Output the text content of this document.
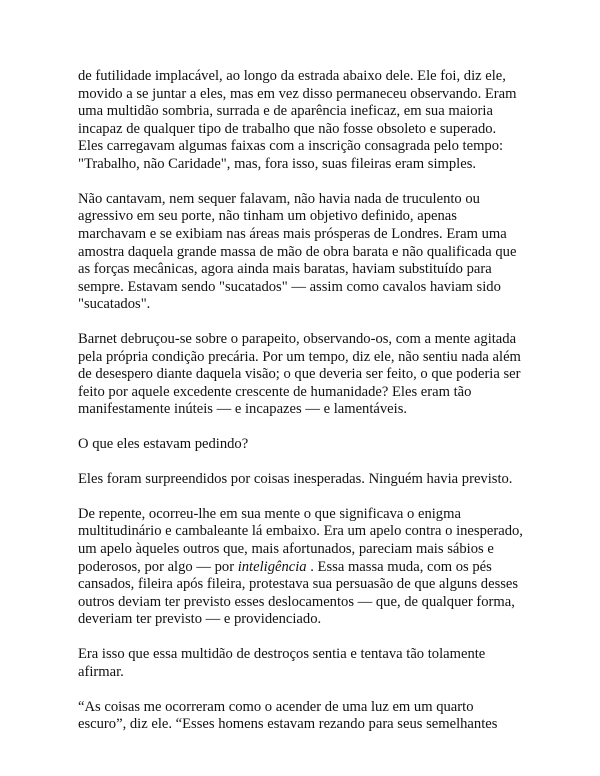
de futilidade implacável, ao longo da estrada abaixo dele. Ele foi, diz ele,
movido a se juntar a eles, mas em vez disso permaneceu observando. Eram
uma multidão sombria, surrada e de aparência ineficaz, em sua maioria
incapaz de qualquer tipo de trabalho que não fosse obsoleto e superado.
Eles carregavam algumas faixas com a inscrição consagrada pelo tempo:
"Trabalho, não Caridade", mas, fora isso, suas fileiras eram simples.

Não cantavam, nem sequer falavam, não havia nada de truculento ou
agressivo em seu porte, não tinham um objetivo definido, apenas
marchavam e se exibiam nas áreas mais prósperas de Londres. Eram uma
amostra daquela grande massa de mão de obra barata e não qualificada que
as forças mecânicas, agora ainda mais baratas, haviam substituído para
sempre. Estavam sendo "sucatados" — assim como cavalos haviam sido
"sucatados".

Barnet debruçou-se sobre o parapeito, observando-os, com a mente agitada
pela própria condição precária. Por um tempo, diz ele, não sentiu nada além
de desespero diante daquela visão; o que deveria ser feito, o que poderia ser
feito por aquele excedente crescente de humanidade? Eles eram tão
manifestamente inúteis — e incapazes — e lamentáveis.

O que eles estavam pedindo?

Eles foram surpreendidos por coisas inesperadas. Ninguém havia previsto.

De repente, ocorreu-lhe em sua mente o que significava o enigma
multitudinário e cambaleante lá embaixo. Era um apelo contra o inesperado,
um apelo àqueles outros que, mais afortunados, pareciam mais sábios e
poderosos, por algo — por inteligência . Essa massa muda, com os pés
cansados, fileira após fileira, protestava sua persuasão de que alguns desses
outros deviam ter previsto esses deslocamentos — que, de qualquer forma,
deveriam ter previsto — e providenciado.

Era isso que essa multidão de destroços sentia e tentava tão tolamente
afirmar.

“As coisas me ocorreram como o acender de uma luz em um quarto
escuro”, diz ele. “Esses homens estavam rezando para seus semelhantes
